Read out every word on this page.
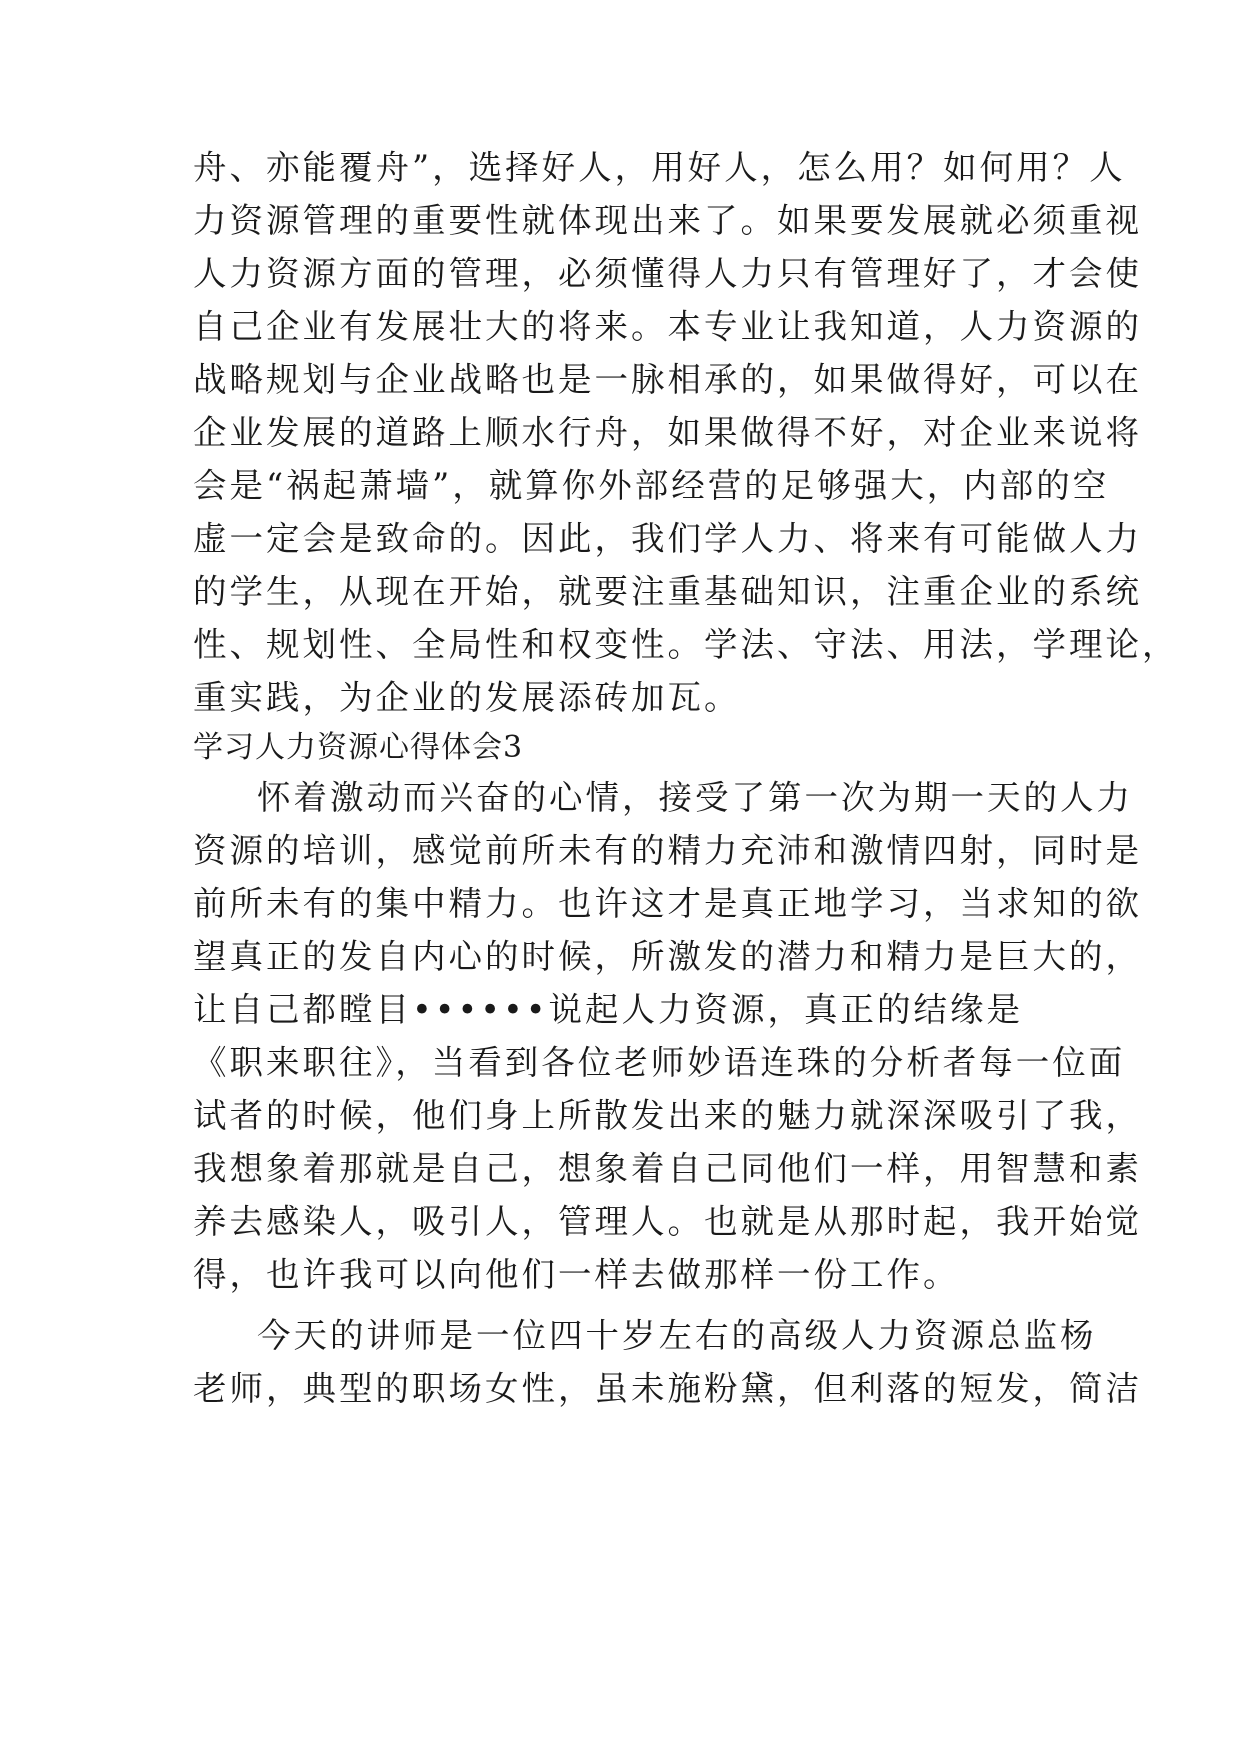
舟、亦能覆舟”，选择好人，用好人，怎么用？如何用？人
力资源管理的重要性就体现出来了。如果要发展就必须重视
人力资源方面的管理，必须懂得人力只有管理好了，才会使
自己企业有发展壮大的将来。本专业让我知道，人力资源的
战略规划与企业战略也是一脉相承的，如果做得好，可以在
企业发展的道路上顺水行舟，如果做得不好，对企业来说将
会是“祸起萧墙”，就算你外部经营的足够强大，内部的空
虚一定会是致命的。因此，我们学人力、将来有可能做人力
的学生，从现在开始，就要注重基础知识，注重企业的系统
性、规划性、全局性和权变性。学法、守法、用法，学理论，
重实践，为企业的发展添砖加瓦。
学习人力资源心得体会3
怀着激动而兴奋的心情，接受了第一次为期一天的人力
资源的培训，感觉前所未有的精力充沛和激情四射，同时是
前所未有的集中精力。也许这才是真正地学习，当求知的欲
望真正的发自内心的时候，所激发的潜力和精力是巨大的，
让自己都瞠目••••••说起人力资源，真正的结缘是
《职来职往》，当看到各位老师妙语连珠的分析者每一位面
试者的时候，他们身上所散发出来的魅力就深深吸引了我，
我想象着那就是自己，想象着自己同他们一样，用智慧和素
养去感染人，吸引人，管理人。也就是从那时起，我开始觉
得，也许我可以向他们一样去做那样一份工作。
今天的讲师是一位四十岁左右的高级人力资源总监杨
老师，典型的职场女性，虽未施粉黛，但利落的短发，简洁
